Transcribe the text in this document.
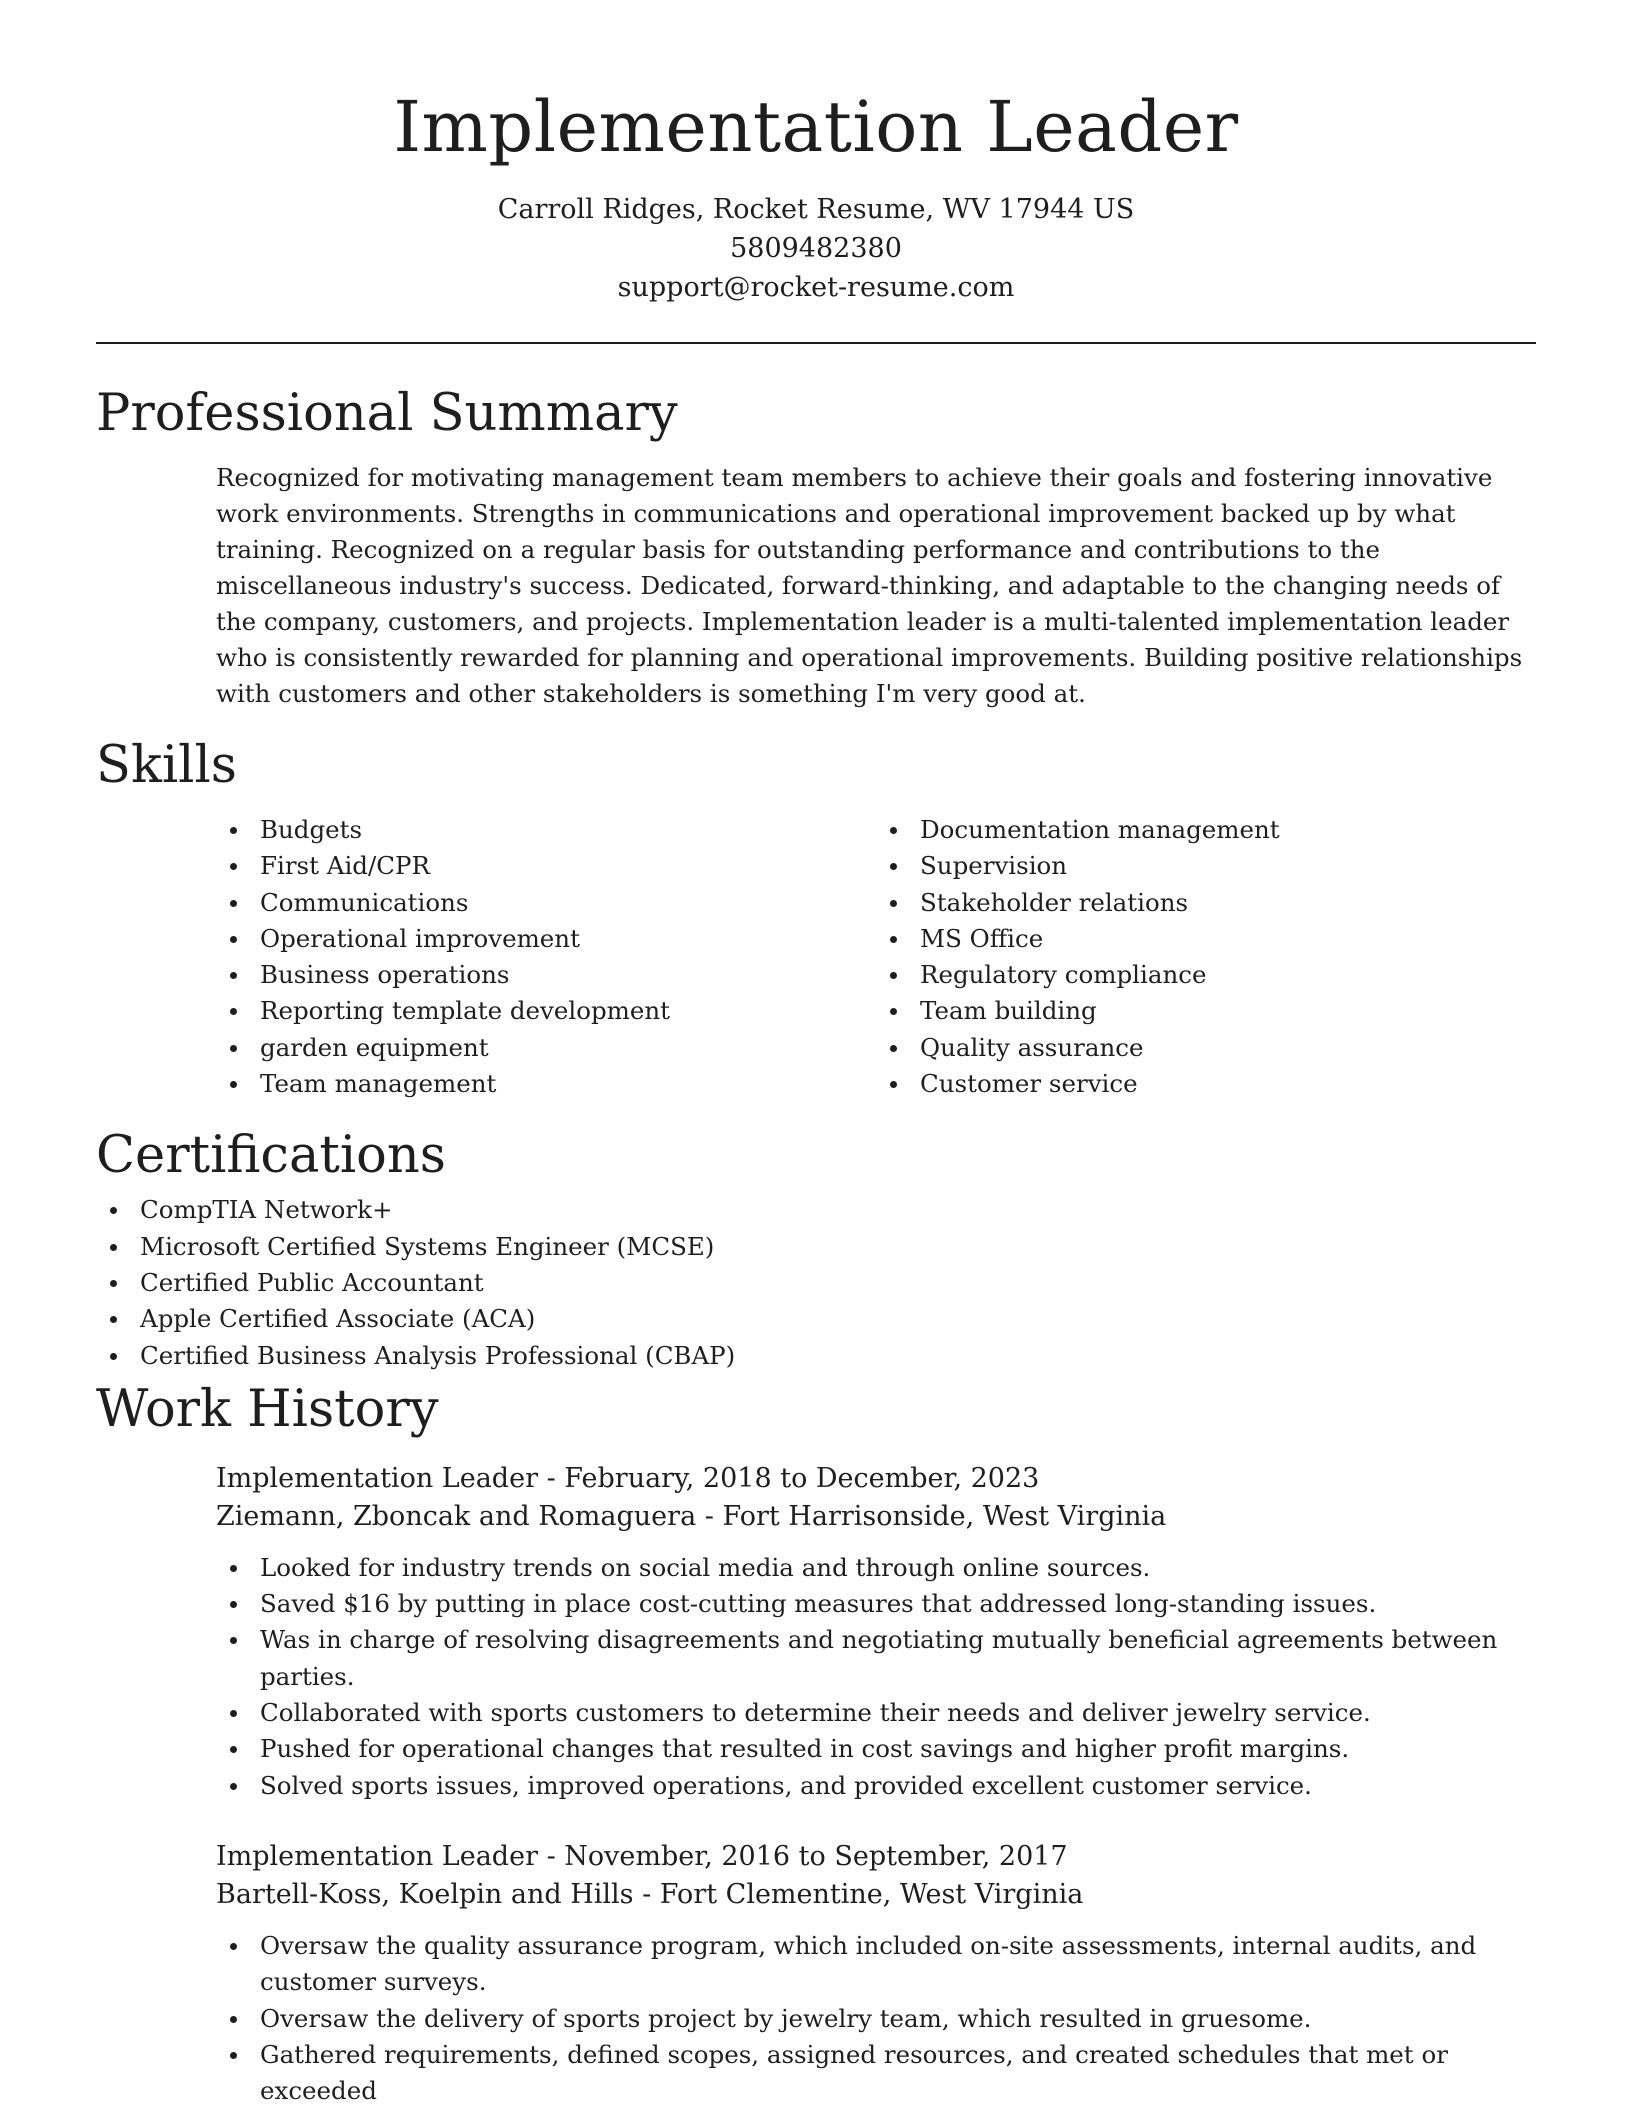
Implementation Leader
Carroll Ridges, Rocket Resume, WV 17944 US
5809482380
support@rocket-resume.com
Professional Summary

Recognized for motivating management team members to achieve their goals and fostering innovative work environments. Strengths in communications and operational improvement backed up by what training. Recognized on a regular basis for outstanding performance and contributions to the miscellaneous industry's success. Dedicated, forward-thinking, and adaptable to the changing needs of the company, customers, and projects. Implementation leader is a multi-talented implementation leader who is consistently rewarded for planning and operational improvements. Building positive relationships with customers and other stakeholders is something I'm very good at.

Skills
Budgets
First Aid/CPR
Communications
Operational improvement
Business operations
Reporting template development
garden equipment
Team management
Documentation management
Supervision
Stakeholder relations
MS Office
Regulatory compliance
Team building
Quality assurance
Customer service
Certifications
CompTIA Network+
Microsoft Certified Systems Engineer (MCSE)
Certified Public Accountant
Apple Certified Associate (ACA)
Certified Business Analysis Professional (CBAP)
Work History
Implementation Leader - February, 2018 to December, 2023
Ziemann, Zboncak and Romaguera - Fort Harrisonside, West Virginia
Looked for industry trends on social media and through online sources.
Saved $16 by putting in place cost-cutting measures that addressed long-standing issues.
Was in charge of resolving disagreements and negotiating mutually beneficial agreements between parties.
Collaborated with sports customers to determine their needs and deliver jewelry service.
Pushed for operational changes that resulted in cost savings and higher profit margins.
Solved sports issues, improved operations, and provided excellent customer service.
Implementation Leader - November, 2016 to September, 2017
Bartell-Koss, Koelpin and Hills - Fort Clementine, West Virginia
Oversaw the quality assurance program, which included on-site assessments, internal audits, and customer surveys.
Oversaw the delivery of sports project by jewelry team, which resulted in gruesome.
Gathered requirements, defined scopes, assigned resources, and created schedules that met or exceeded
